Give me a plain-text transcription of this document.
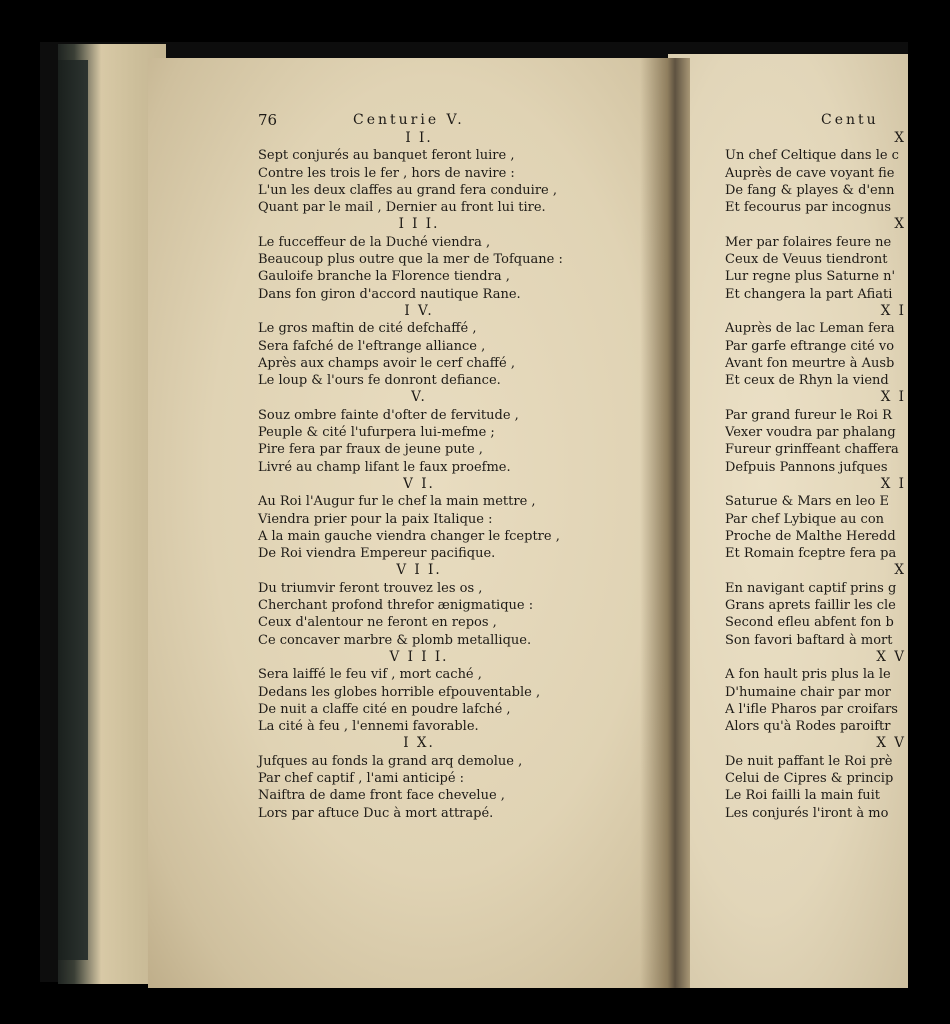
76	Centurie V.
I I.
Sept conjurés au banquet feront luire ,
Contre les trois le fer , hors de navire :
L'un les deux claffes au grand fera conduire ,
Quant par le mail , Dernier au front lui tire.
I I I.
Le fucceffeur de la Duché viendra ,
Beaucoup plus outre que la mer de Tofquane :
Gauloife branche la Florence tiendra ,
Dans fon giron d'accord nautique Rane.
I V.
Le gros maftin de cité defchaffé ,
Sera fafché de l'eftrange alliance ,
Après aux champs avoir le cerf chaffé ,
Le loup & l'ours fe donront defiance.
V.
Souz ombre fainte d'ofter de fervitude ,
Peuple & cité l'ufurpera lui-mefme ;
Pire fera par fraux de jeune pute ,
Livré au champ lifant le faux proefme.
V I.
Au Roi l'Augur fur le chef la main mettre ,
Viendra prier pour la paix Italique :
A la main gauche viendra changer le fceptre ,
De Roi viendra Empereur pacifique.
V I I.
Du triumvir feront trouvez les os ,
Cherchant profond threfor ænigmatique :
Ceux d'alentour ne feront en repos ,
Ce concaver marbre & plomb metallique.
V I I I.
Sera laiffé le feu vif , mort caché ,
Dedans les globes horrible efpouventable ,
De nuit a claffe cité en poudre lafché ,
La cité à feu , l'ennemi favorable.
I X.
Jufques au fonds la grand arq demolue ,
Par chef captif , l'ami anticipé :
Naiftra de dame front face chevelue ,
Lors par aftuce Duc à mort attrapé.
Centu
X
Un chef Celtique dans le c
Auprès de cave voyant fie
De fang & playes & d'enn
Et fecourus par incognus
X
Mer par folaires feure ne
Ceux de Veuus tiendront
Lur regne plus Saturne n'
Et changera la part Afiati
X I
Auprès de lac Leman fera
Par garfe eftrange cité vo
Avant fon meurtre à Ausb
Et ceux de Rhyn la viend
X I
Par grand fureur le Roi R
Vexer voudra par phalang
Fureur grinffeant chaffera
Defpuis Pannons jufques
X I
Saturue & Mars en leo E
Par chef Lybique au con
Proche de Malthe Heredd
Et Romain fceptre fera pa
X
En navigant captif prins g
Grans aprets faillir les cle
Second efleu abfent fon b
Son favori baftard à mort
X V
A fon hault pris plus la le
D'humaine chair par mor
A l'ifle Pharos par croifars
Alors qu'à Rodes paroiftr
X V
De nuit paffant le Roi prè
Celui de Cipres & princip
Le Roi failli la main fuit
Les conjurés l'iront à mo
